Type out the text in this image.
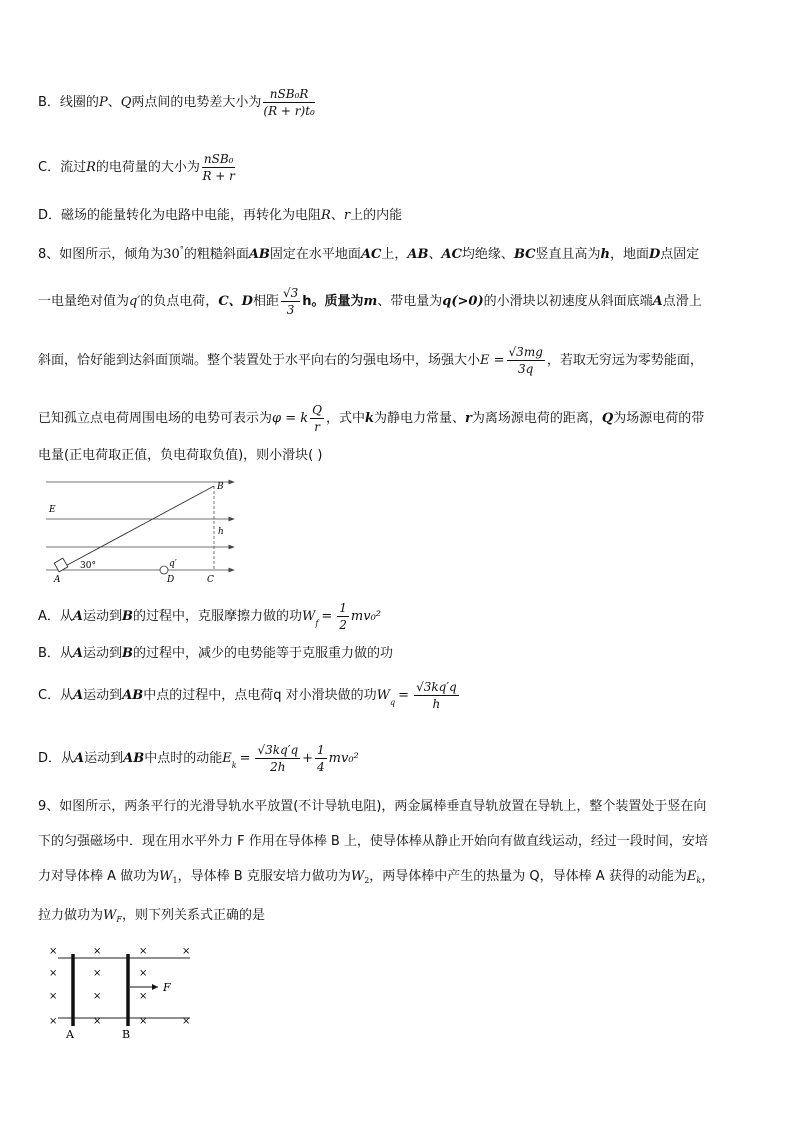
B．线圈的P、Q两点间的电势差大小为 $\frac{\text{nSB₀R}}{\text{(R + r)t₀}}$
C．流过R的电荷量的大小为 $\frac{\text{nSB₀}}{R + r}$
D．磁场的能量转化为电路中电能，再转化为电阻R、r上的内能
8、如图所示，倾角为30°的粗糙斜面AB固定在水平地面AC上，AB、AC均绝缘、BC竖直且高为h，地面D点固定
一电量绝对值为q′的负点电荷，C、D相距 $\frac{√3}{3}$ h。质量为m、带电量为q(>0)的小滑块以初速度从斜面底端A点滑上
斜面，恰好能到达斜面顶端。整个装置处于水平向右的匀强电场中，场强大小$E = \frac{√3mg}{3q}$ ，若取无穷远为零势能面，
已知孤立点电荷周围电场的电势可表示为φ = k $\frac{Q}{r}$ ，式中k为静电力常量、r为离场源电荷的距离，Q为场源电荷的带
电量(正电荷取正值，负电荷取负值)，则小滑块( )
B
E
h
A
30°	q′
D	C
A．从A运动到B的过程中，克服摩擦力做的功$W_f = \frac{1}{2} mv_0^2$
B．从A运动到B的过程中，减少的电势能等于克服重力做的功
C．从A运动到AB中点的过程中，点电荷q 对小滑块做的功$W_q = \frac{√3kq'q}{h}$
D．从A运动到AB中点时的动能$E_k = \frac{√3kq'q}{2h} + \frac{1}{4} mv_0^2$
9、如图所示，两条平行的光滑导轨水平放置(不计导轨电阻)，两金属棒垂直导轨放置在导轨上，整个装置处于竖在向
下的匀强磁场中．现在用水平外力 F 作用在导体棒 B 上，使导体棒从静止开始向有做直线运动，经过一段时间，安培
力对导体棒 A 做功为$W_1$，导体棒 B 克服安培力做功为$W_2$，两导体棒中产生的热量为 Q，导体棒 A 获得的动能为$E_k$，
拉力做功为$W_F$，则下列关系式正确的是
×	×	×	×
×	×	×
×	×	×
×	×	×	×
F
A	B
